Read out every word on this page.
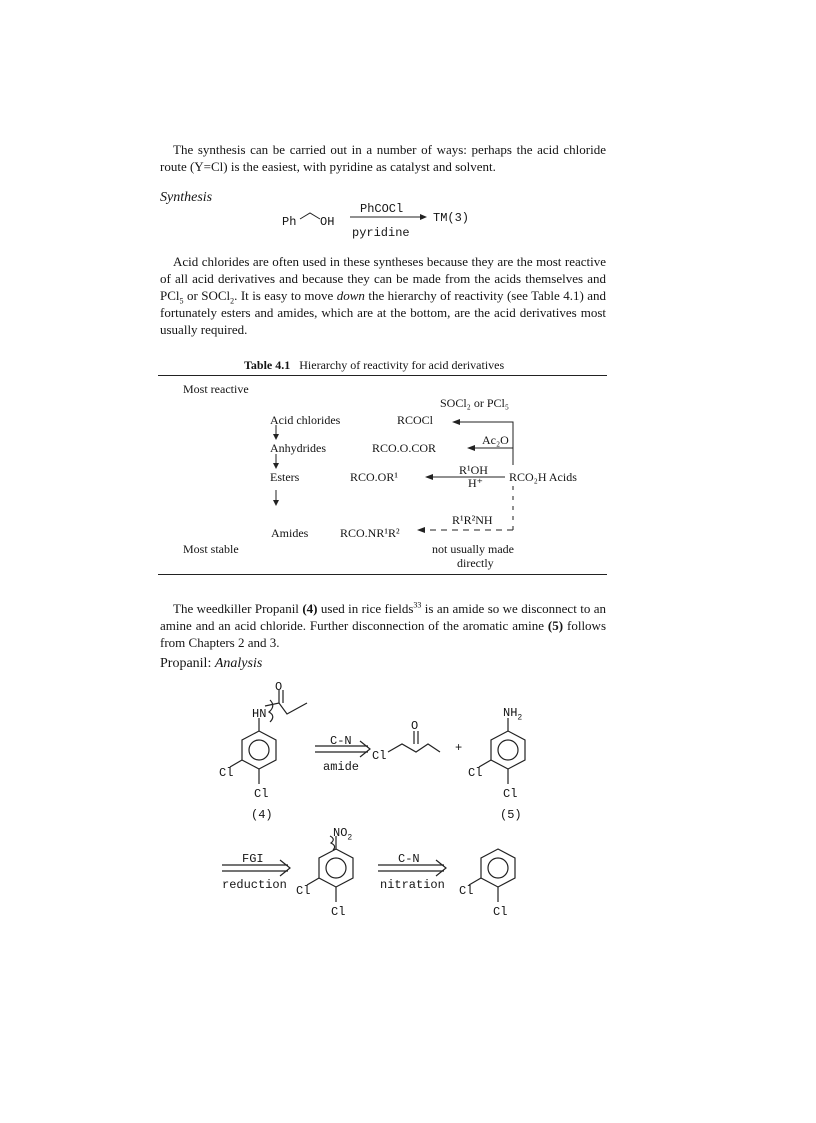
The synthesis can be carried out in a number of ways: perhaps the acid chloride route (Y=Cl) is the easiest, with pyridine as catalyst and solvent.
Synthesis
Ph OH
PhCOCl
pyridine
TM(3)
Acid chlorides are often used in these syntheses because they are the most reactive of all acid derivatives and because they can be made from the acids themselves and PCl$_5$ or SOCl$_2$. It is easy to move down the hierarchy of reactivity (see Table 4.1) and fortunately esters and amides, which are at the bottom, are the acid derivatives most usually required.
Table 4.1 Hierarchy of reactivity for acid derivatives
Most reactive
SOCl₂ or PCl₅
Acid chlorides	RCOCl
Anhydrides	RCO.O.COR
Ac₂O
Esters	RCO.OR¹	R¹OH
H⁺ RCO₂H Acids
R¹R²NH
Amides	RCO.NR¹R²
Most stable	not usually made
directly
The weedkiller Propanil (4) used in rice fields$^{33}$ is an amide so we disconnect to an amine and an acid chloride. Further disconnection of the aromatic amine (5) follows from Chapters 2 and 3.
Propanil: Analysis
O
HN
Cl
Cl
(4)
C-N
amide
O
Cl
+
$NH_2$
Cl
Cl
(5)
FGI
reduction
$NO_2$
Cl
Cl
C-N
nitration Cl
Cl
